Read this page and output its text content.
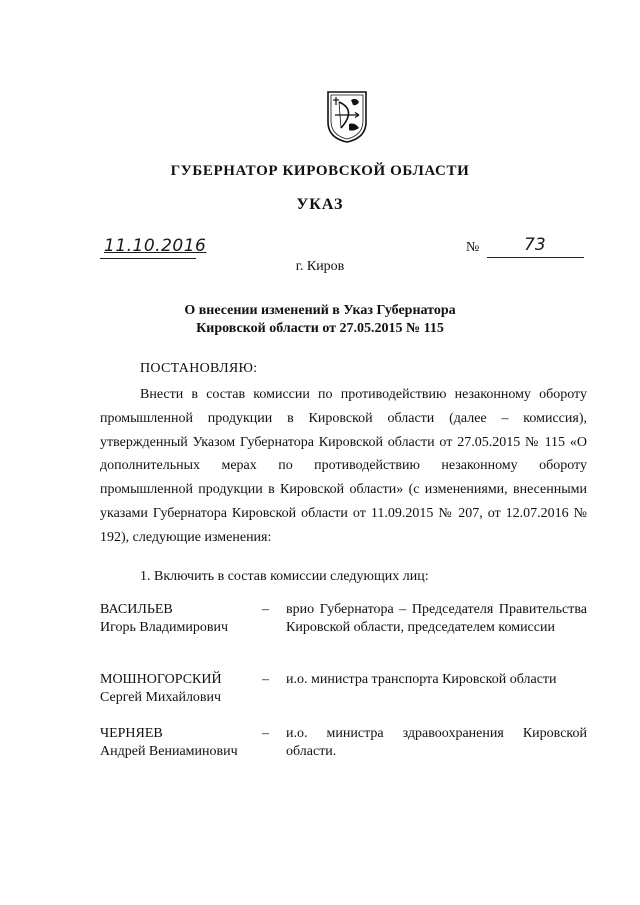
ГУБЕРНАТОР КИРОВСКОЙ ОБЛАСТИ
УКАЗ
11.10.2016	№	73
г. Киров
О внесении изменений в Указ Губернатора
Кировской области от 27.05.2015 № 115
ПОСТАНОВЛЯЮ:

Внести в состав комиссии по противодействию незаконному обороту промышленной продукции в Кировской области (далее – комиссия), утвержденный Указом Губернатора Кировской области от 27.05.2015 № 115 «О дополнительных мерах по противодействию незаконному обороту промышленной продукции в Кировской области» (с изменениями, внесенными указами Губернатора Кировской области от 11.09.2015 № 207, от 12.07.2016 № 192), следующие изменения:

1. Включить в состав комиссии следующих лиц:
ВАСИЛЬЕВ
Игорь Владимирович
– врио Губернатора – Председателя Правительства Кировской области, председателем комиссии
МОШНОГОРСКИЙ
Сергей Михайлович
– и.о. министра транспорта Кировской области
ЧЕРНЯЕВ
Андрей Вениаминович
– и.о. министра здравоохранения Кировской области.
